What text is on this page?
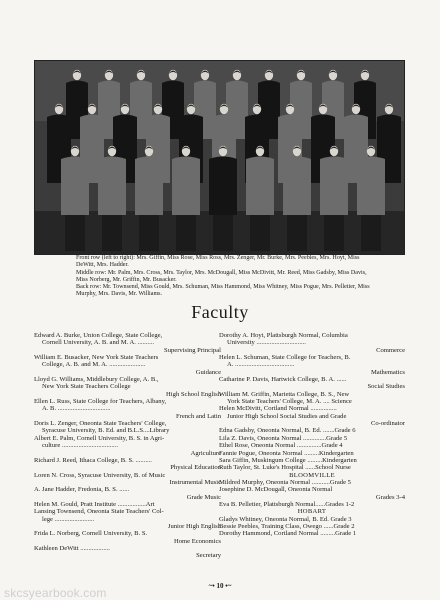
Front row (left to right): Mrs. Giffin, Miss Rose, Miss Ross, Mrs. Zenger, Mr. Burke, Mrs. Peebles, Mrs. Hoyt, Miss DeWitt, Mrs. Hadder.

Middle row: Mr. Palm, Mrs. Cross, Mrs. Taylor, Mrs. McDougall, Miss McDivitt, Mr. Reed, Miss Gadsby, Miss Davis, Miss Norberg, Mr. Griffin, Mr. Busacker.

Back row: Mr. Townsend, Miss Gould, Mrs. Schuman, Miss Hammond, Miss Whitney, Miss Pogue, Mrs. Pelletier, Miss Murphy, Mrs. Davis, Mr. Williams.

Faculty
Edward A. Burke, Union College, State College,
Cornell University, A. B. and M. A. ..........
Supervising Principal
William E. Busacker, New York State Teachers
College, A. B. and M. A. ......................
Guidance
Lloyd G. Williams, Middlebury College, A. B.,
New York State Teachers College
High School English
Ellen L. Russ, State College for Teachers, Albany,
A. B. ................................
French and Latin
Doris L. Zenger, Oneonta State Teachers' College,
Syracuse University, B. Ed. and B.L.S....Library
Albert E. Palm, Cornell University, B. S. in Agri-
culture ..................................
Agriculture
Richard J. Reed, Ithaca College, B. S. ..........
Physical Education
Loren N. Cross, Syracuse University, B. of Music
Instrumental Music
A. Jane Hadder, Fredonia, B. S. ......
Grade Music
Helen M. Gould, Pratt Institute .................Art
Lansing Townsend, Oneonta State Teachers' Col-
lege ........................
Junior High English
Frida L. Norberg, Cornell University, B. S.
Home Economics
Kathleen DeWitt ..................
Secretary
Dorothy A. Hoyt, Plattsburgh Normal, Columbia
University ..............................
Commerce
Helen L. Schuman, State College for Teachers, B.
A. ....................................
Mathematics
Catharine P. Davis, Hartwick College, B. A. ......
Social Studies
William M. Griffin, Marietta College, B. S., New
York State Teachers' College, M. A. .... Science
Helen McDivitt, Cortland Normal ................
Junior High School Social Studies and Grade
Co-ordinator
Edna Gadsby, Oneonta Normal, B. Ed. .......Grade 6
Lila Z. Davis, Oneonta Normal ..............Grade 5
Ethel Rose, Oneonta Normal ...............Grade 4
Fannie Pogue, Oneonta Normal .........Kindergarten
Sara Giffin, Muskingum College .........Kindergarten
Ruth Taylor, St. Luke's Hospital ......School Nurse
BLOOMVILLE
Mildred Murphy, Oneonta Normal ...........Grade 5
Josephine D. McDougall, Oneonta Normal
Grades 3-4
Eva B. Pelletier, Plattsburgh Normal......Grades 1-2
HOBART
Gladys Whitney, Oneonta Normal, B. Ed. Grade 3
Bessie Peebles, Training Class, Owego ......Grade 2
Dorothy Hammond, Cortland Normal .........Grade 1
~• 10 •~
skcsyearbook.com
